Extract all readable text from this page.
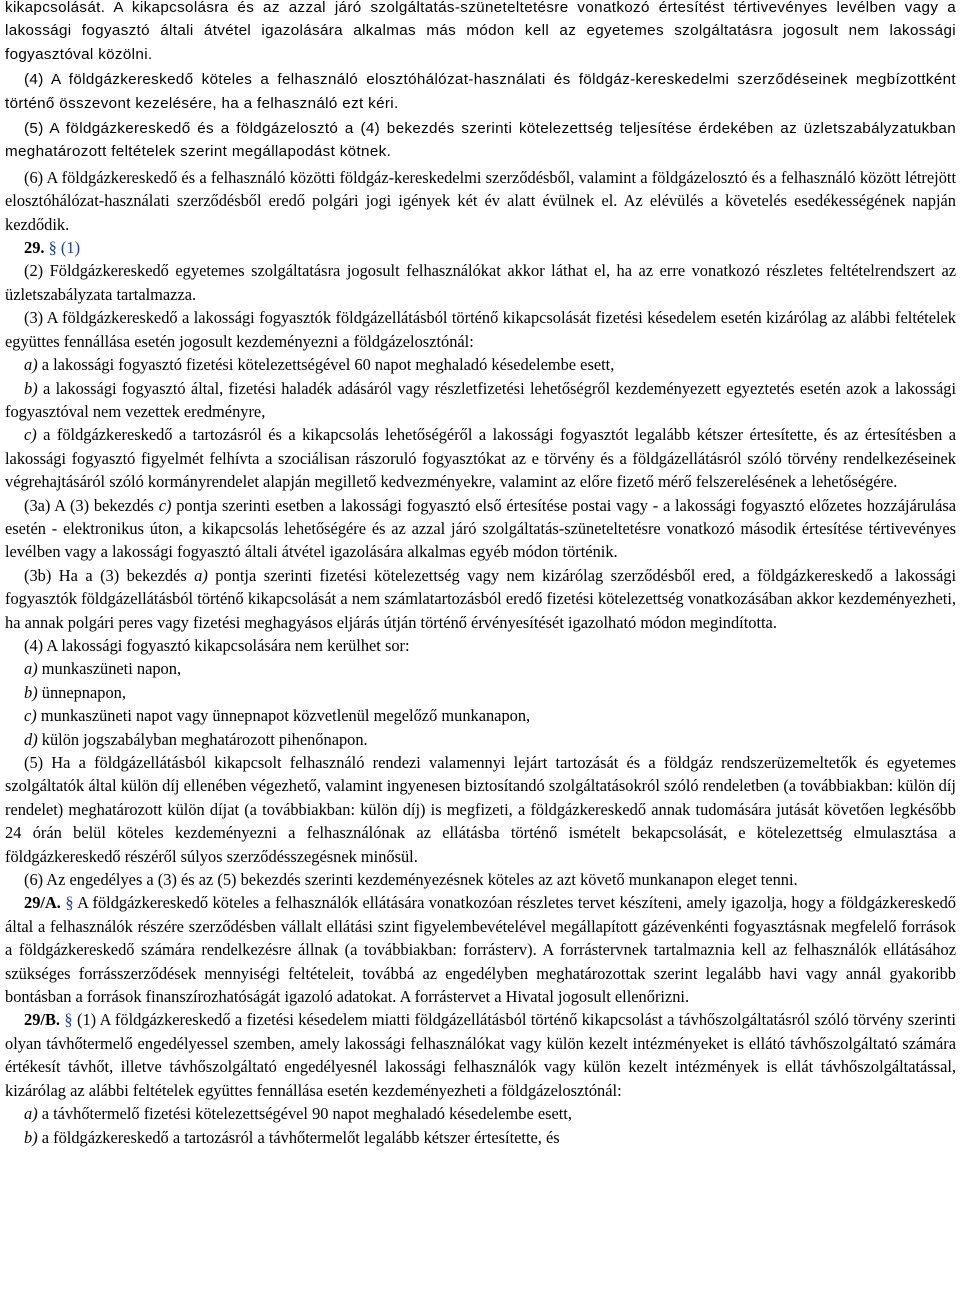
kikapcsolását. A kikapcsolásra és az azzal járó szolgáltatás-szüneteltetésre vonatkozó értesítést tértivevényes levélben vagy a lakossági fogyasztó általi átvétel igazolására alkalmas más módon kell az egyetemes szolgáltatásra jogosult nem lakossági fogyasztóval közölni.

(4) A földgázkereskedő köteles a felhasználó elosztóhálózat-használati és földgáz-kereskedelmi szerződéseinek megbízottként történő összevont kezelésére, ha a felhasználó ezt kéri.

(5) A földgázkereskedő és a földgázelosztó a (4) bekezdés szerinti kötelezettség teljesítése érdekében az üzletszabályzatukban meghatározott feltételek szerint megállapodást kötnek.

(6) A földgázkereskedő és a felhasználó közötti földgáz-kereskedelmi szerződésből, valamint a földgázelosztó és a felhasználó között létrejött elosztóhálózat-használati szerződésből eredő polgári jogi igények két év alatt évülnek el. Az elévülés a követelés esedékességének napján kezdődik.

29. § (1)

(2) Földgázkereskedő egyetemes szolgáltatásra jogosult felhasználókat akkor láthat el, ha az erre vonatkozó részletes feltételrendszert az üzletszabályzata tartalmazza.

(3) A földgázkereskedő a lakossági fogyasztók földgázellátásból történő kikapcsolását fizetési késedelem esetén kizárólag az alábbi feltételek együttes fennállása esetén jogosult kezdeményezni a földgázelosztónál:

a) a lakossági fogyasztó fizetési kötelezettségével 60 napot meghaladó késedelembe esett,

b) a lakossági fogyasztó által, fizetési haladék adásáról vagy részletfizetési lehetőségről kezdeményezett egyeztetés esetén azok a lakossági fogyasztóval nem vezettek eredményre,

c) a földgázkereskedő a tartozásról és a kikapcsolás lehetőségéről a lakossági fogyasztót legalább kétszer értesítette, és az értesítésben a lakossági fogyasztó figyelmét felhívta a szociálisan rászoruló fogyasztókat az e törvény és a földgázellátásról szóló törvény rendelkezéseinek végrehajtásáról szóló kormányrendelet alapján megillető kedvezményekre, valamint az előre fizető mérő felszerelésének a lehetőségére.

(3a) A (3) bekezdés c) pontja szerinti esetben a lakossági fogyasztó első értesítése postai vagy - a lakossági fogyasztó előzetes hozzájárulása esetén - elektronikus úton, a kikapcsolás lehetőségére és az azzal járó szolgáltatás-szüneteltetésre vonatkozó második értesítése tértivevényes levélben vagy a lakossági fogyasztó általi átvétel igazolására alkalmas egyéb módon történik.

(3b) Ha a (3) bekezdés a) pontja szerinti fizetési kötelezettség vagy nem kizárólag szerződésből ered, a földgázkereskedő a lakossági fogyasztók földgázellátásból történő kikapcsolását a nem számlatartozásból eredő fizetési kötelezettség vonatkozásában akkor kezdeményezheti, ha annak polgári peres vagy fizetési meghagyásos eljárás útján történő érvényesítését igazolható módon megindította.

(4) A lakossági fogyasztó kikapcsolására nem kerülhet sor:

a) munkaszüneti napon,

b) ünnepnapon,

c) munkaszüneti napot vagy ünnepnapot közvetlenül megelőző munkanapon,

d) külön jogszabályban meghatározott pihenőnapon.

(5) Ha a földgázellátásból kikapcsolt felhasználó rendezi valamennyi lejárt tartozását és a földgáz rendszerüzemeltetők és egyetemes szolgáltatók által külön díj ellenében végezhető, valamint ingyenesen biztosítandó szolgáltatásokról szóló rendeletben (a továbbiakban: külön díj rendelet) meghatározott külön díjat (a továbbiakban: külön díj) is megfizeti, a földgázkereskedő annak tudomására jutását követően legkésőbb 24 órán belül köteles kezdeményezni a felhasználónak az ellátásba történő ismételt bekapcsolását, e kötelezettség elmulasztása a földgázkereskedő részéről súlyos szerződésszegésnek minősül.

(6) Az engedélyes a (3) és az (5) bekezdés szerinti kezdeményezésnek köteles az azt követő munkanapon eleget tenni.

29/A. § A földgázkereskedő köteles a felhasználók ellátására vonatkozóan részletes tervet készíteni, amely igazolja, hogy a földgázkereskedő által a felhasználók részére szerződésben vállalt ellátási szint figyelembevételével megállapított gázévenkénti fogyasztásnak megfelelő források a földgázkereskedő számára rendelkezésre állnak (a továbbiakban: forrásterv). A forrástervnek tartalmaznia kell az felhasználók ellátásához szükséges forrásszerződések mennyiségi feltételeit, továbbá az engedélyben meghatározottak szerint legalább havi vagy annál gyakoribb bontásban a források finanszírozhatóságát igazoló adatokat. A forrástervet a Hivatal jogosult ellenőrizni.

29/B. § (1) A földgázkereskedő a fizetési késedelem miatti földgázellátásból történő kikapcsolást a távhőszolgáltatásról szóló törvény szerinti olyan távhőtermelő engedélyessel szemben, amely lakossági felhasználókat vagy külön kezelt intézményeket is ellátó távhőszolgáltató számára értékesít távhőt, illetve távhőszolgáltató engedélyesnél lakossági felhasználók vagy külön kezelt intézmények is ellát távhőszolgáltatással, kizárólag az alábbi feltételek együttes fennállása esetén kezdeményezheti a földgázelosztónál:

a) a távhőtermelő fizetési kötelezettségével 90 napot meghaladó késedelembe esett,

b) a földgázkereskedő a tartozásról a távhőtermelőt legalább kétszer értesítette, és
